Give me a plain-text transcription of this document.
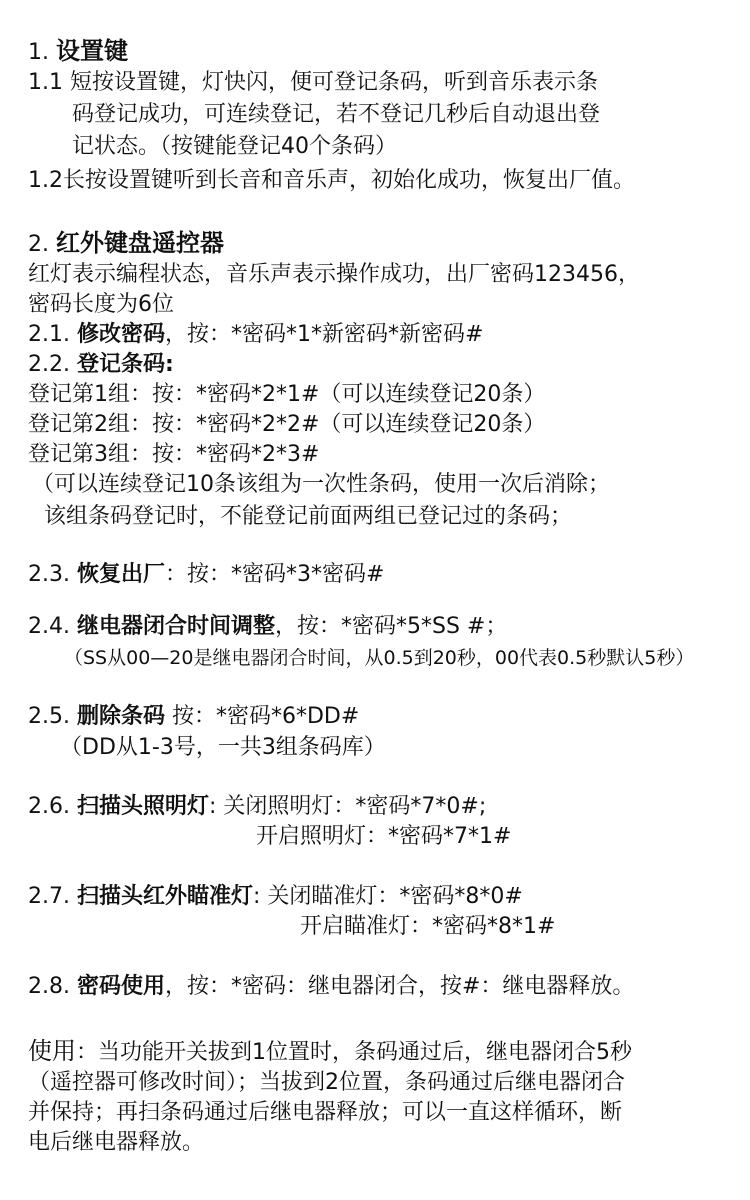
1. 设置键
1.1 短按设置键，灯快闪，便可登记条码，听到音乐表示条
码登记成功，可连续登记，若不登记几秒后自动退出登
记状态。（按键能登记40个条码）
1.2长按设置键听到长音和音乐声，初始化成功，恢复出厂值。
2. 红外键盘遥控器
红灯表示编程状态，音乐声表示操作成功，出厂密码123456，
密码长度为6位
2.1. 修改密码，按：*密码*1*新密码*新密码#
2.2. 登记条码:
登记第1组：按：*密码*2*1#（可以连续登记20条）
登记第2组：按：*密码*2*2#（可以连续登记20条）
登记第3组：按：*密码*2*3#
（可以连续登记10条该组为一次性条码，使用一次后消除；
该组条码登记时，不能登记前面两组已登记过的条码；
2.3. 恢复出厂：按：*密码*3*密码#
2.4. 继电器闭合时间调整，按：*密码*5*SS #；
（SS从00—20是继电器闭合时间，从0.5到20秒，00代表0.5秒默认5秒）
2.5. 删除条码 按：*密码*6*DD#
（DD从1-3号，一共3组条码库）
2.6. 扫描头照明灯: 关闭照明灯：*密码*7*0#;
开启照明灯：*密码*7*1#
2.7. 扫描头红外瞄准灯: 关闭瞄准灯：*密码*8*0#
开启瞄准灯：*密码*8*1#
2.8. 密码使用，按：*密码：继电器闭合，按#：继电器释放。
使用：当功能开关拔到1位置时，条码通过后，继电器闭合5秒
（遥控器可修改时间）；当拔到2位置，条码通过后继电器闭合
并保持；再扫条码通过后继电器释放；可以一直这样循环，断
电后继电器释放。
